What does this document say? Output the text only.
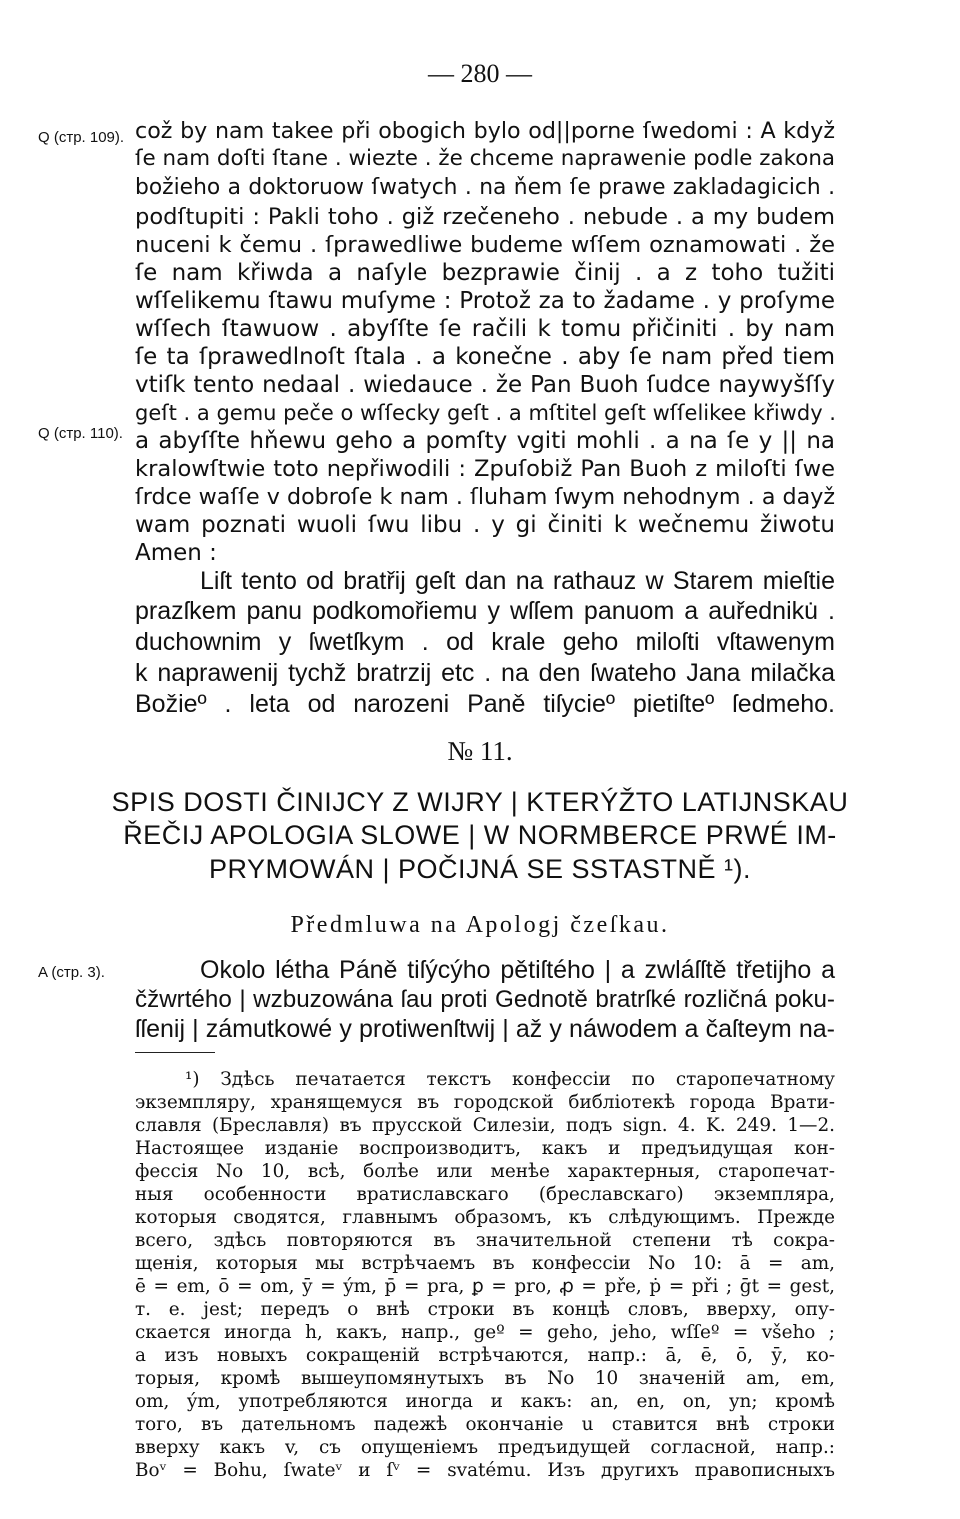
— 280 —
Q (стр. 109).
Q (стр. 110).
A (стр. 3).
což by nam takee při obogich bylo od||porne ſwedomi : A když
ſe nam doſti ſtane . wiezte . že chceme naprawenie podle zakona
božieho a doktoruow ſwatych . na ňem ſe prawe zakladagicich .
podſtupiti : Pakli toho . giž rzečeneho . nebude . a my budem
nuceni k čemu . ſprawedliwe budeme wſſem oznamowati . že
ſe nam křiwda a naſyle bezprawie činij . a z toho tužiti
wſſelikemu ſtawu muſyme : Protož za to žadame . y proſyme
wſſech ſtawuow . abyſſte ſe račili k tomu přičiniti . by nam
ſe ta ſprawedlnoſt ſtala . a konečne . aby ſe nam před tiem
vtiſk tento nedaal . wiedauce . že Pan Buoh ſudce naywyšſſy
geſt . a gemu peče o wſſecky geſt . a mſtitel geſt wſſelikee křiwdy .
a abyſſte hňewu geho a pomſty vgiti mohli . a na ſe y || na
kralowſtwie toto nepřiwodili : Zpuſobiž Pan Buoh z miloſti ſwe
ſrdce waſſe v dobroſe k nam . ſluham ſwym nehodnym . a dayž
wam poznati wuoli ſwu libu . y gi činiti k wečnemu žiwotu
Amen :
Liſt tento od bratřij geſt dan na rathauz w Starem mieſtie
prazſkem panu podkomořiemu y wſſem panuom a auředniku̇ .
duchownim y ſwetſkym . od krale geho miloſti vſtawenym
k naprawenij tychž bratrzij etc . na den ſwateho Jana milačka
Božieº . leta od narozeni Paně tiſycieº pietiſteº ſedmeho.
№ 11.
SPIS DOSTI ČINIJCY Z WIJRY | KTERÝŽTO LATIJNSKAU
ŘEČIJ APOLOGIA SLOWE | W NORMBERCE PRWÉ IM-
PRYMOWÁN | POČIJNÁ SE SSTASTNĚ ¹).
Předmluwa na Apologj čzeſkau.
Okolo létha Páně tiſýcýho pětiſtého | a zwláſſtě třetijho a
čžwrtého | wzbuzowána ſau proti Gednotě bratrſké rozličná poku-
ſſenij | zámutkowé y protiwenſtwij | až y náwodem a čaſteym na-
¹) Здѣсь печатается текстъ конфессіи по старопечатному
экземпляру, хранящемуся въ городской библіотекѣ города Врати-
славля (Бреславля) въ прусской Силезіи, подъ sign. 4. K. 249. 1—2.
Настоящее изданіе воспроизводитъ, какъ и предъидущая кон-
фессія No 10, всѣ, болѣе или менѣе характерныя, старопечат-
ныя особенности вратиславскаго (бреславскаго) экземпляра,
которыя сводятся, главнымъ образомъ, къ слѣдующимъ. Прежде
всего, здѣсь повторяются въ значительной степени тѣ сокра-
щенія, которыя мы встрѣчаемъ въ конфессіи No 10: ā = am,
ē = em, ō = om, ȳ = ým, p̄ = pra, ꝑ = pro, ꝓ = pře, ṗ = při ; ḡt = gest,
т. е. jest; передъ о внѣ строки въ концѣ словъ, вверху, опу-
скается иногда h, какъ, напр., geº = geho, jeho, wſſeº = všeho ;
а изъ новыхъ сокращеній встрѣчаются, напр.: ā, ē, ō, ȳ, ко-
торыя, кромѣ вышеупомянутыхъ въ No 10 значеній am, em,
om, ým, употребляются иногда и какъ: an, en, on, yn; кромѣ
того, въ дательномъ падежѣ окончаніе u ставится внѣ строки
вверху какъ v, съ опущеніемъ предъидущей согласной, напр.:
Boᵛ = Bohu, ſwateᵛ и ſᵛ = svatému. Изъ другихъ правописныхъ
